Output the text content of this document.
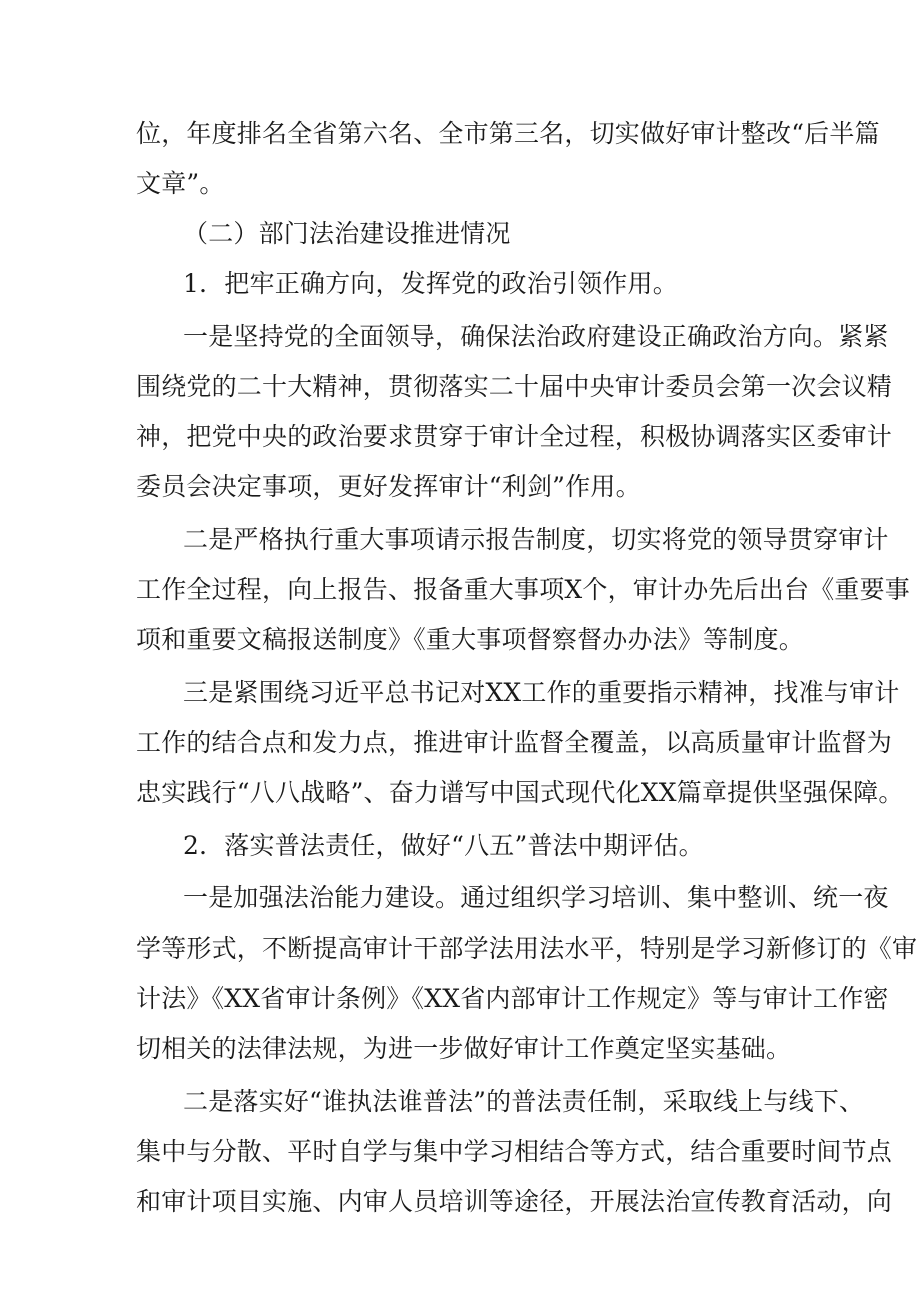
位，年度排名全省第六名、全市第三名，切实做好审计整改“后半篇
文章”。
（二）部门法治建设推进情况
1．把牢正确方向，发挥党的政治引领作用。
一是坚持党的全面领导，确保法治政府建设正确政治方向。紧紧
围绕党的二十大精神，贯彻落实二十届中央审计委员会第一次会议精
神，把党中央的政治要求贯穿于审计全过程，积极协调落实区委审计
委员会决定事项，更好发挥审计“利剑”作用。
二是严格执行重大事项请示报告制度，切实将党的领导贯穿审计
工作全过程，向上报告、报备重大事项X个，审计办先后出台《重要事
项和重要文稿报送制度》《重大事项督察督办办法》等制度。
三是紧围绕习近平总书记对XX工作的重要指示精神，找准与审计
工作的结合点和发力点，推进审计监督全覆盖，以高质量审计监督为
忠实践行“八八战略”、奋力谱写中国式现代化XX篇章提供坚强保障。
2．落实普法责任，做好“八五”普法中期评估。
一是加强法治能力建设。通过组织学习培训、集中整训、统一夜
学等形式，不断提高审计干部学法用法水平，特别是学习新修订的《审
计法》《XX省审计条例》《XX省内部审计工作规定》等与审计工作密
切相关的法律法规，为进一步做好审计工作奠定坚实基础。
二是落实好“谁执法谁普法”的普法责任制，采取线上与线下、
集中与分散、平时自学与集中学习相结合等方式，结合重要时间节点
和审计项目实施、内审人员培训等途径，开展法治宣传教育活动，向
